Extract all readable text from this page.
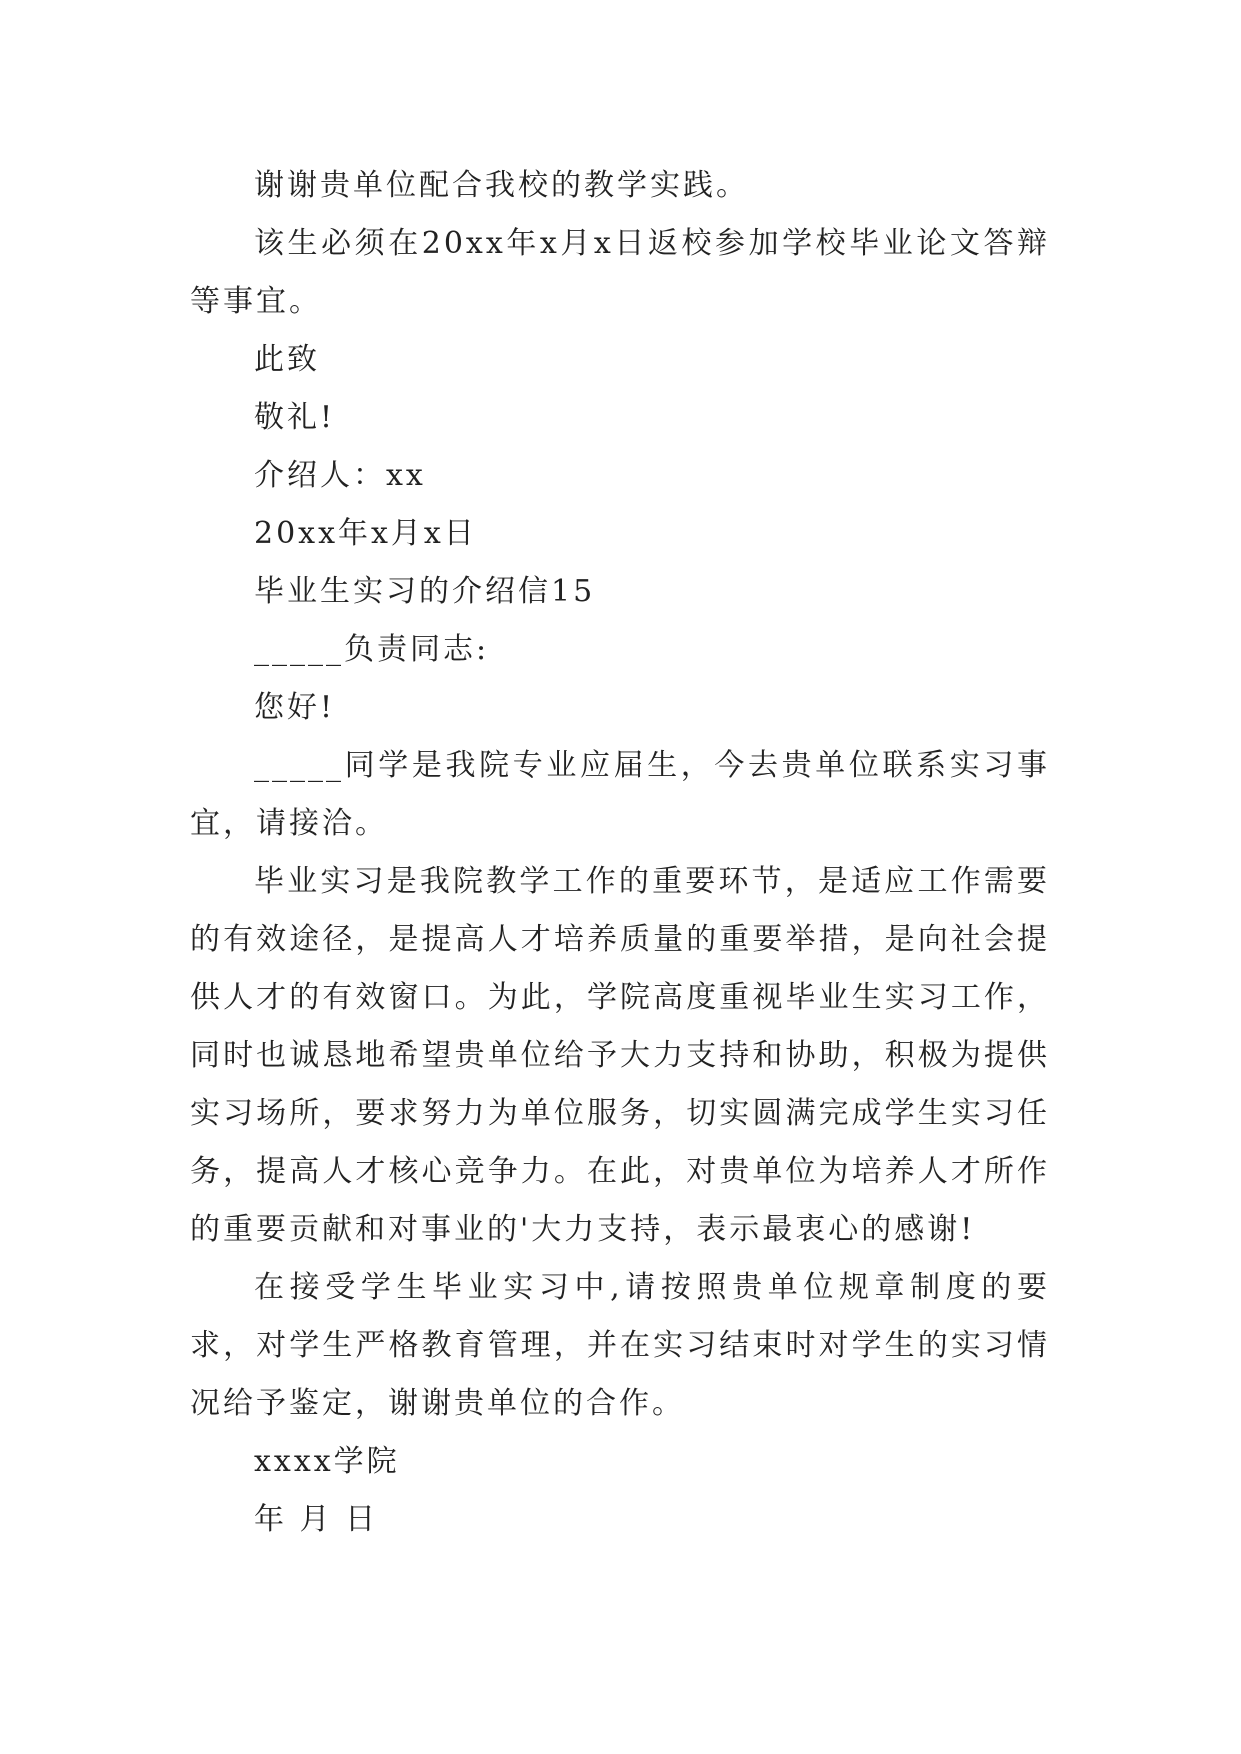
谢谢贵单位配合我校的教学实践。

该生必须在20xx年x月x日返校参加学校毕业论文答辩等事宜。

此致

敬礼!

介绍人：xx

20xx年x月x日

毕业生实习的介绍信15

_____负责同志:

您好!

_____同学是我院专业应届生，今去贵单位联系实习事宜，请接洽。

毕业实习是我院教学工作的重要环节，是适应工作需要的有效途径，是提高人才培养质量的重要举措，是向社会提供人才的有效窗口。为此，学院高度重视毕业生实习工作，同时也诚恳地希望贵单位给予大力支持和协助，积极为提供实习场所，要求努力为单位服务，切实圆满完成学生实习任务，提高人才核心竞争力。在此，对贵单位为培养人才所作的重要贡献和对事业的'大力支持，表示最衷心的感谢!

在接受学生毕业实习中,请按照贵单位规章制度的要求，对学生严格教育管理，并在实习结束时对学生的实习情况给予鉴定，谢谢贵单位的合作。

xxxx学院

年 月 日
